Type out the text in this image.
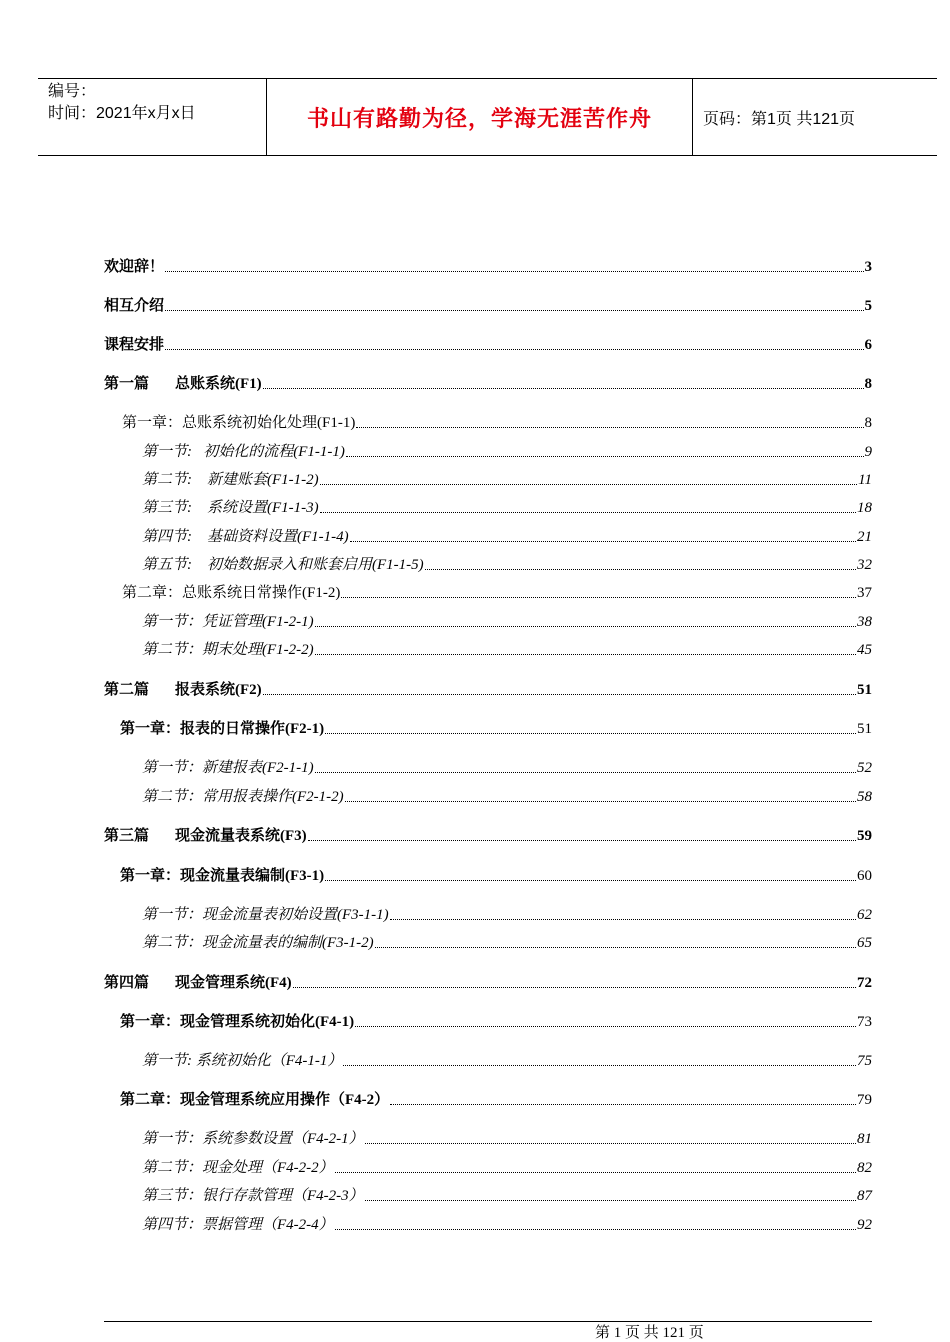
编号：
时间：2021年x月x日	书山有路勤为径，学海无涯苦作舟	页码：第1页 共121页
欢迎辞！	3
相互介绍	5
课程安排	6
第一篇 总账系统(F1)	8
第一章：总账系统初始化处理(F1-1)	8
第一节:   初始化的流程(F1-1-1)	9
第二节:    新建账套(F1-1-2)	11
第三节:    系统设置(F1-1-3)	18
第四节:    基础资料设置(F1-1-4)	21
第五节:    初始数据录入和账套启用(F1-1-5)	32
第二章：总账系统日常操作(F1-2)	37
第一节：凭证管理(F1-2-1)	38
第二节：期末处理(F1-2-2)	45
第二篇 报表系统(F2)	51
第一章：报表的日常操作(F2-1)	51
第一节：新建报表(F2-1-1)	52
第二节：常用报表操作(F2-1-2)	58
第三篇 现金流量表系统(F3)	59
第一章：现金流量表编制(F3-1)	60
第一节：现金流量表初始设置(F3-1-1)	62
第二节：现金流量表的编制(F3-1-2)	65
第四篇 现金管理系统(F4)	72
第一章：现金管理系统初始化(F4-1)	73
第一节: 系统初始化（F4-1-1）	75
第二章：现金管理系统应用操作（F4-2）	79
第一节：系统参数设置（F4-2-1）	81
第二节：现金处理（F4-2-2）	82
第三节：银行存款管理（F4-2-3）	87
第四节：票据管理（F4-2-4）	92
第 1 页 共 121 页
